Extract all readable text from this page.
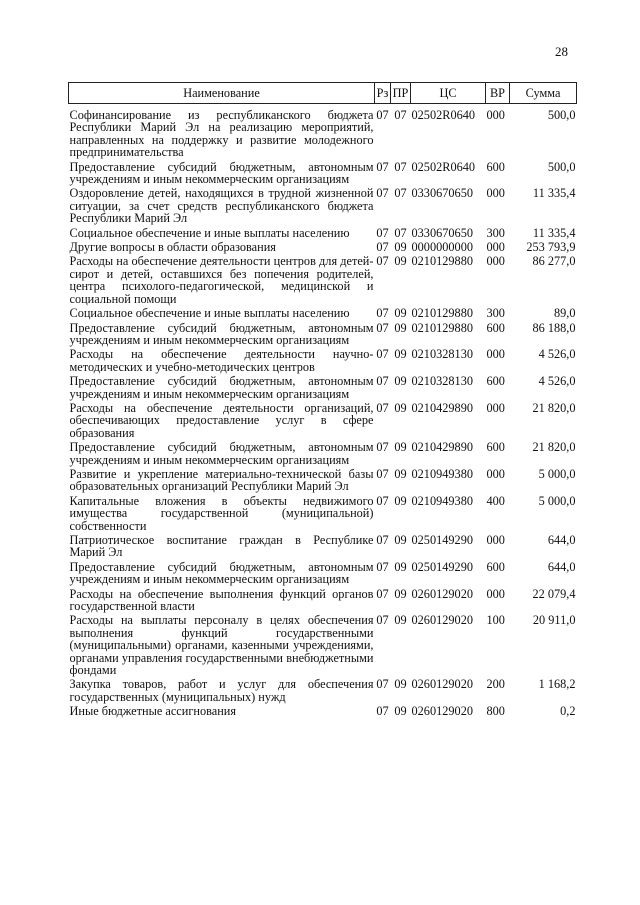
28
Наименование	Рз	ПР	ЦС	ВР	Сумма
Софинансирование из республиканского бюджета Республики Марий Эл на реализацию мероприятий, направленных на поддержку и развитие молодежного предпринимательства	07	07	02502R0640	000	500,0
Предоставление субсидий бюджетным, автономным учреждениям и иным некоммерческим организациям	07	07	02502R0640	600	500,0
Оздоровление детей, находящихся в трудной жизненной ситуации, за счет средств республиканского бюджета Республики Марий Эл	07	07	0330670650	000	11 335,4
Социальное обеспечение и иные выплаты населению	07	07	0330670650	300	11 335,4
Другие вопросы в области образования	07	09	0000000000	000	253 793,9
Расходы на обеспечение деятельности центров для детей-сирот и детей, оставшихся без попечения родителей, центра психолого-педагогической, медицинской и социальной помощи	07	09	0210129880	000	86 277,0
Социальное обеспечение и иные выплаты населению	07	09	0210129880	300	89,0
Предоставление субсидий бюджетным, автономным учреждениям и иным некоммерческим организациям	07	09	0210129880	600	86 188,0
Расходы на обеспечение деятельности научно-методических и учебно-методических центров	07	09	0210328130	000	4 526,0
Предоставление субсидий бюджетным, автономным учреждениям и иным некоммерческим организациям	07	09	0210328130	600	4 526,0
Расходы на обеспечение деятельности организаций, обеспечивающих предоставление услуг в сфере образования	07	09	0210429890	000	21 820,0
Предоставление субсидий бюджетным, автономным учреждениям и иным некоммерческим организациям	07	09	0210429890	600	21 820,0
Развитие и укрепление материально-технической базы образовательных организаций Республики Марий Эл	07	09	0210949380	000	5 000,0
Капитальные вложения в объекты недвижимого имущества государственной (муниципальной) собственности	07	09	0210949380	400	5 000,0
Патриотическое воспитание граждан в Республике Марий Эл	07	09	0250149290	000	644,0
Предоставление субсидий бюджетным, автономным учреждениям и иным некоммерческим организациям	07	09	0250149290	600	644,0
Расходы на обеспечение выполнения функций органов государственной власти	07	09	0260129020	000	22 079,4
Расходы на выплаты персоналу в целях обеспечения выполнения функций государственными (муниципальными) органами, казенными учреждениями, органами управления государственными внебюджетными фондами	07	09	0260129020	100	20 911,0
Закупка товаров, работ и услуг для обеспечения государственных (муниципальных) нужд	07	09	0260129020	200	1 168,2
Иные бюджетные ассигнования	07	09	0260129020	800	0,2
